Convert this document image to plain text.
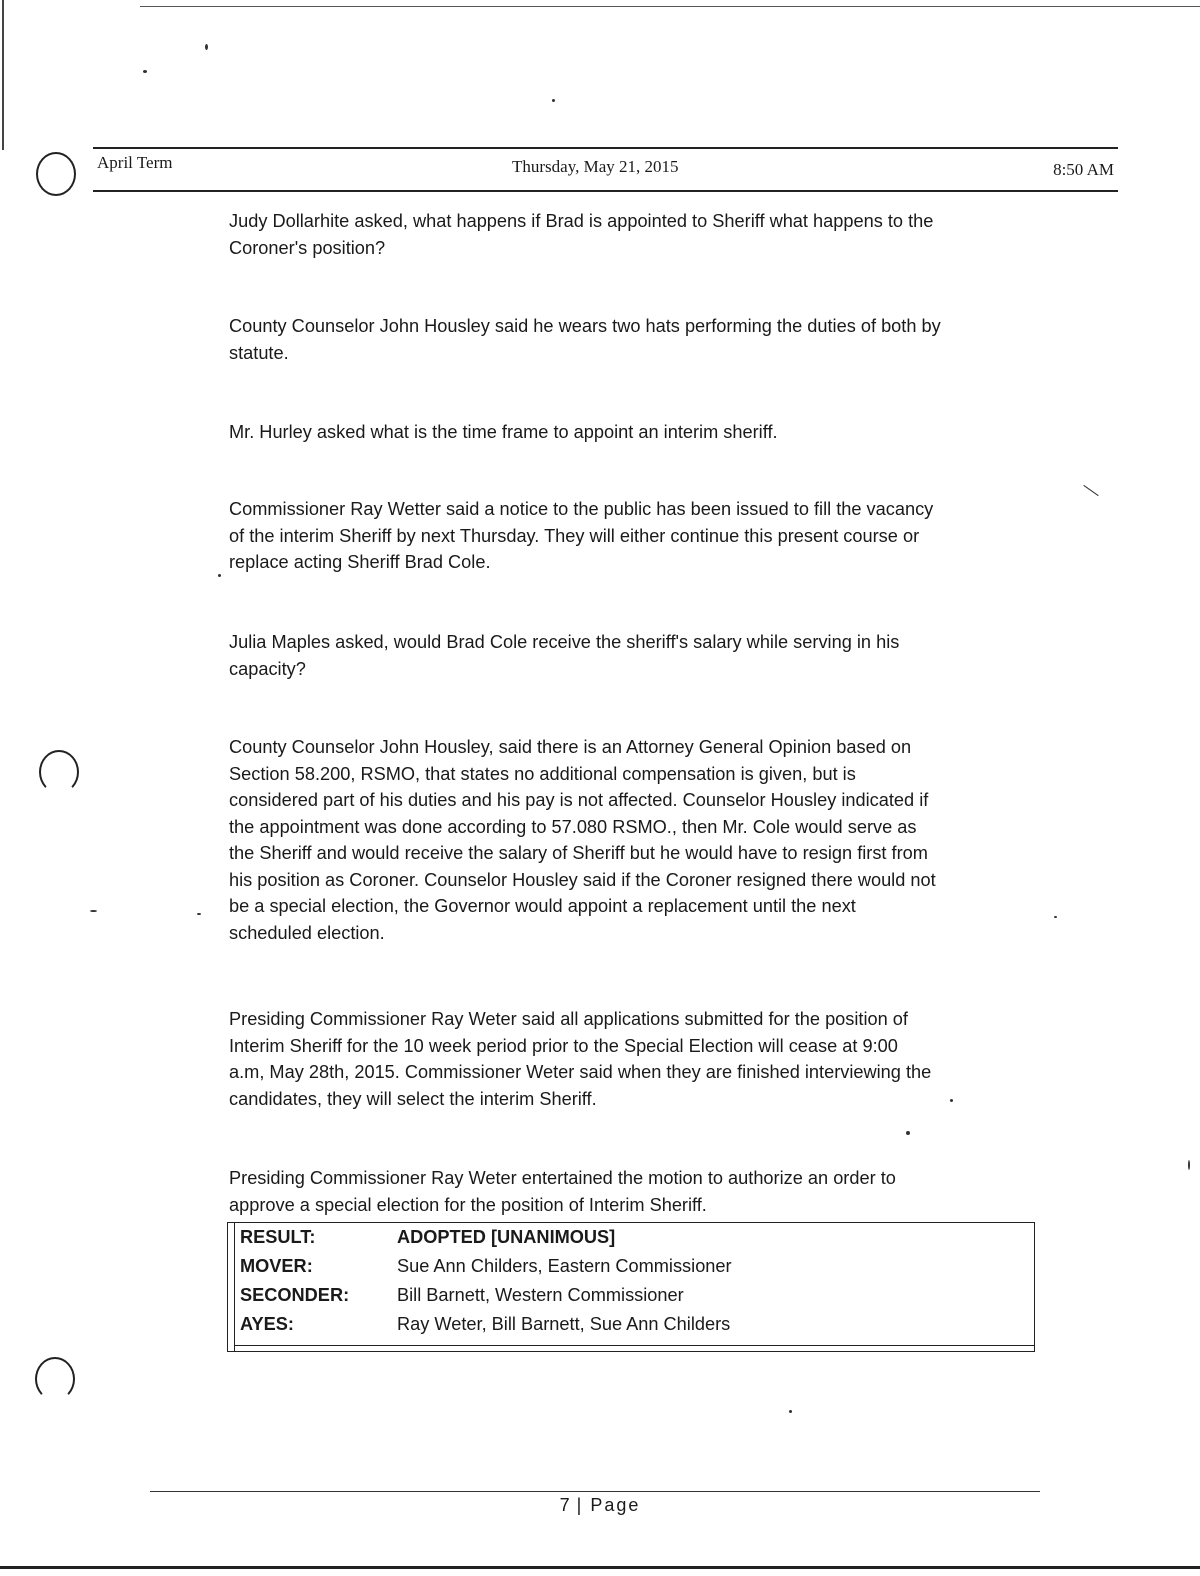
April Term	Thursday, May 21, 2015	8:50 AM

Judy Dollarhite asked, what happens if Brad is appointed to Sheriff what happens to the
Coroner's position?

County Counselor John Housley said he wears two hats performing the duties of both by
statute.

Mr. Hurley asked what is the time frame to appoint an interim sheriff.

Commissioner Ray Wetter said a notice to the public has been issued to fill the vacancy
of the interim Sheriff by next Thursday. They will either continue this present course or
replace acting Sheriff Brad Cole.

Julia Maples asked, would Brad Cole receive the sheriff's salary while serving in his
capacity?

County Counselor John Housley, said there is an Attorney General Opinion based on
Section 58.200, RSMO, that states no additional compensation is given, but is
considered part of his duties and his pay is not affected. Counselor Housley indicated if
the appointment was done according to 57.080 RSMO., then Mr. Cole would serve as
the Sheriff and would receive the salary of Sheriff but he would have to resign first from
his position as Coroner. Counselor Housley said if the Coroner resigned there would not
be a special election, the Governor would appoint a replacement until the next
scheduled election.

Presiding Commissioner Ray Weter said all applications submitted for the position of
Interim Sheriff for the 10 week period prior to the Special Election will cease at 9:00
a.m, May 28th, 2015. Commissioner Weter said when they are finished interviewing the
candidates, they will select the interim Sheriff.

Presiding Commissioner Ray Weter entertained the motion to authorize an order to
approve a special election for the position of Interim Sheriff.

RESULT:	ADOPTED [UNANIMOUS]
MOVER:	Sue Ann Childers, Eastern Commissioner
SECONDER:	Bill Barnett, Western Commissioner
AYES:	Ray Weter, Bill Barnett, Sue Ann Childers
7 | Page
